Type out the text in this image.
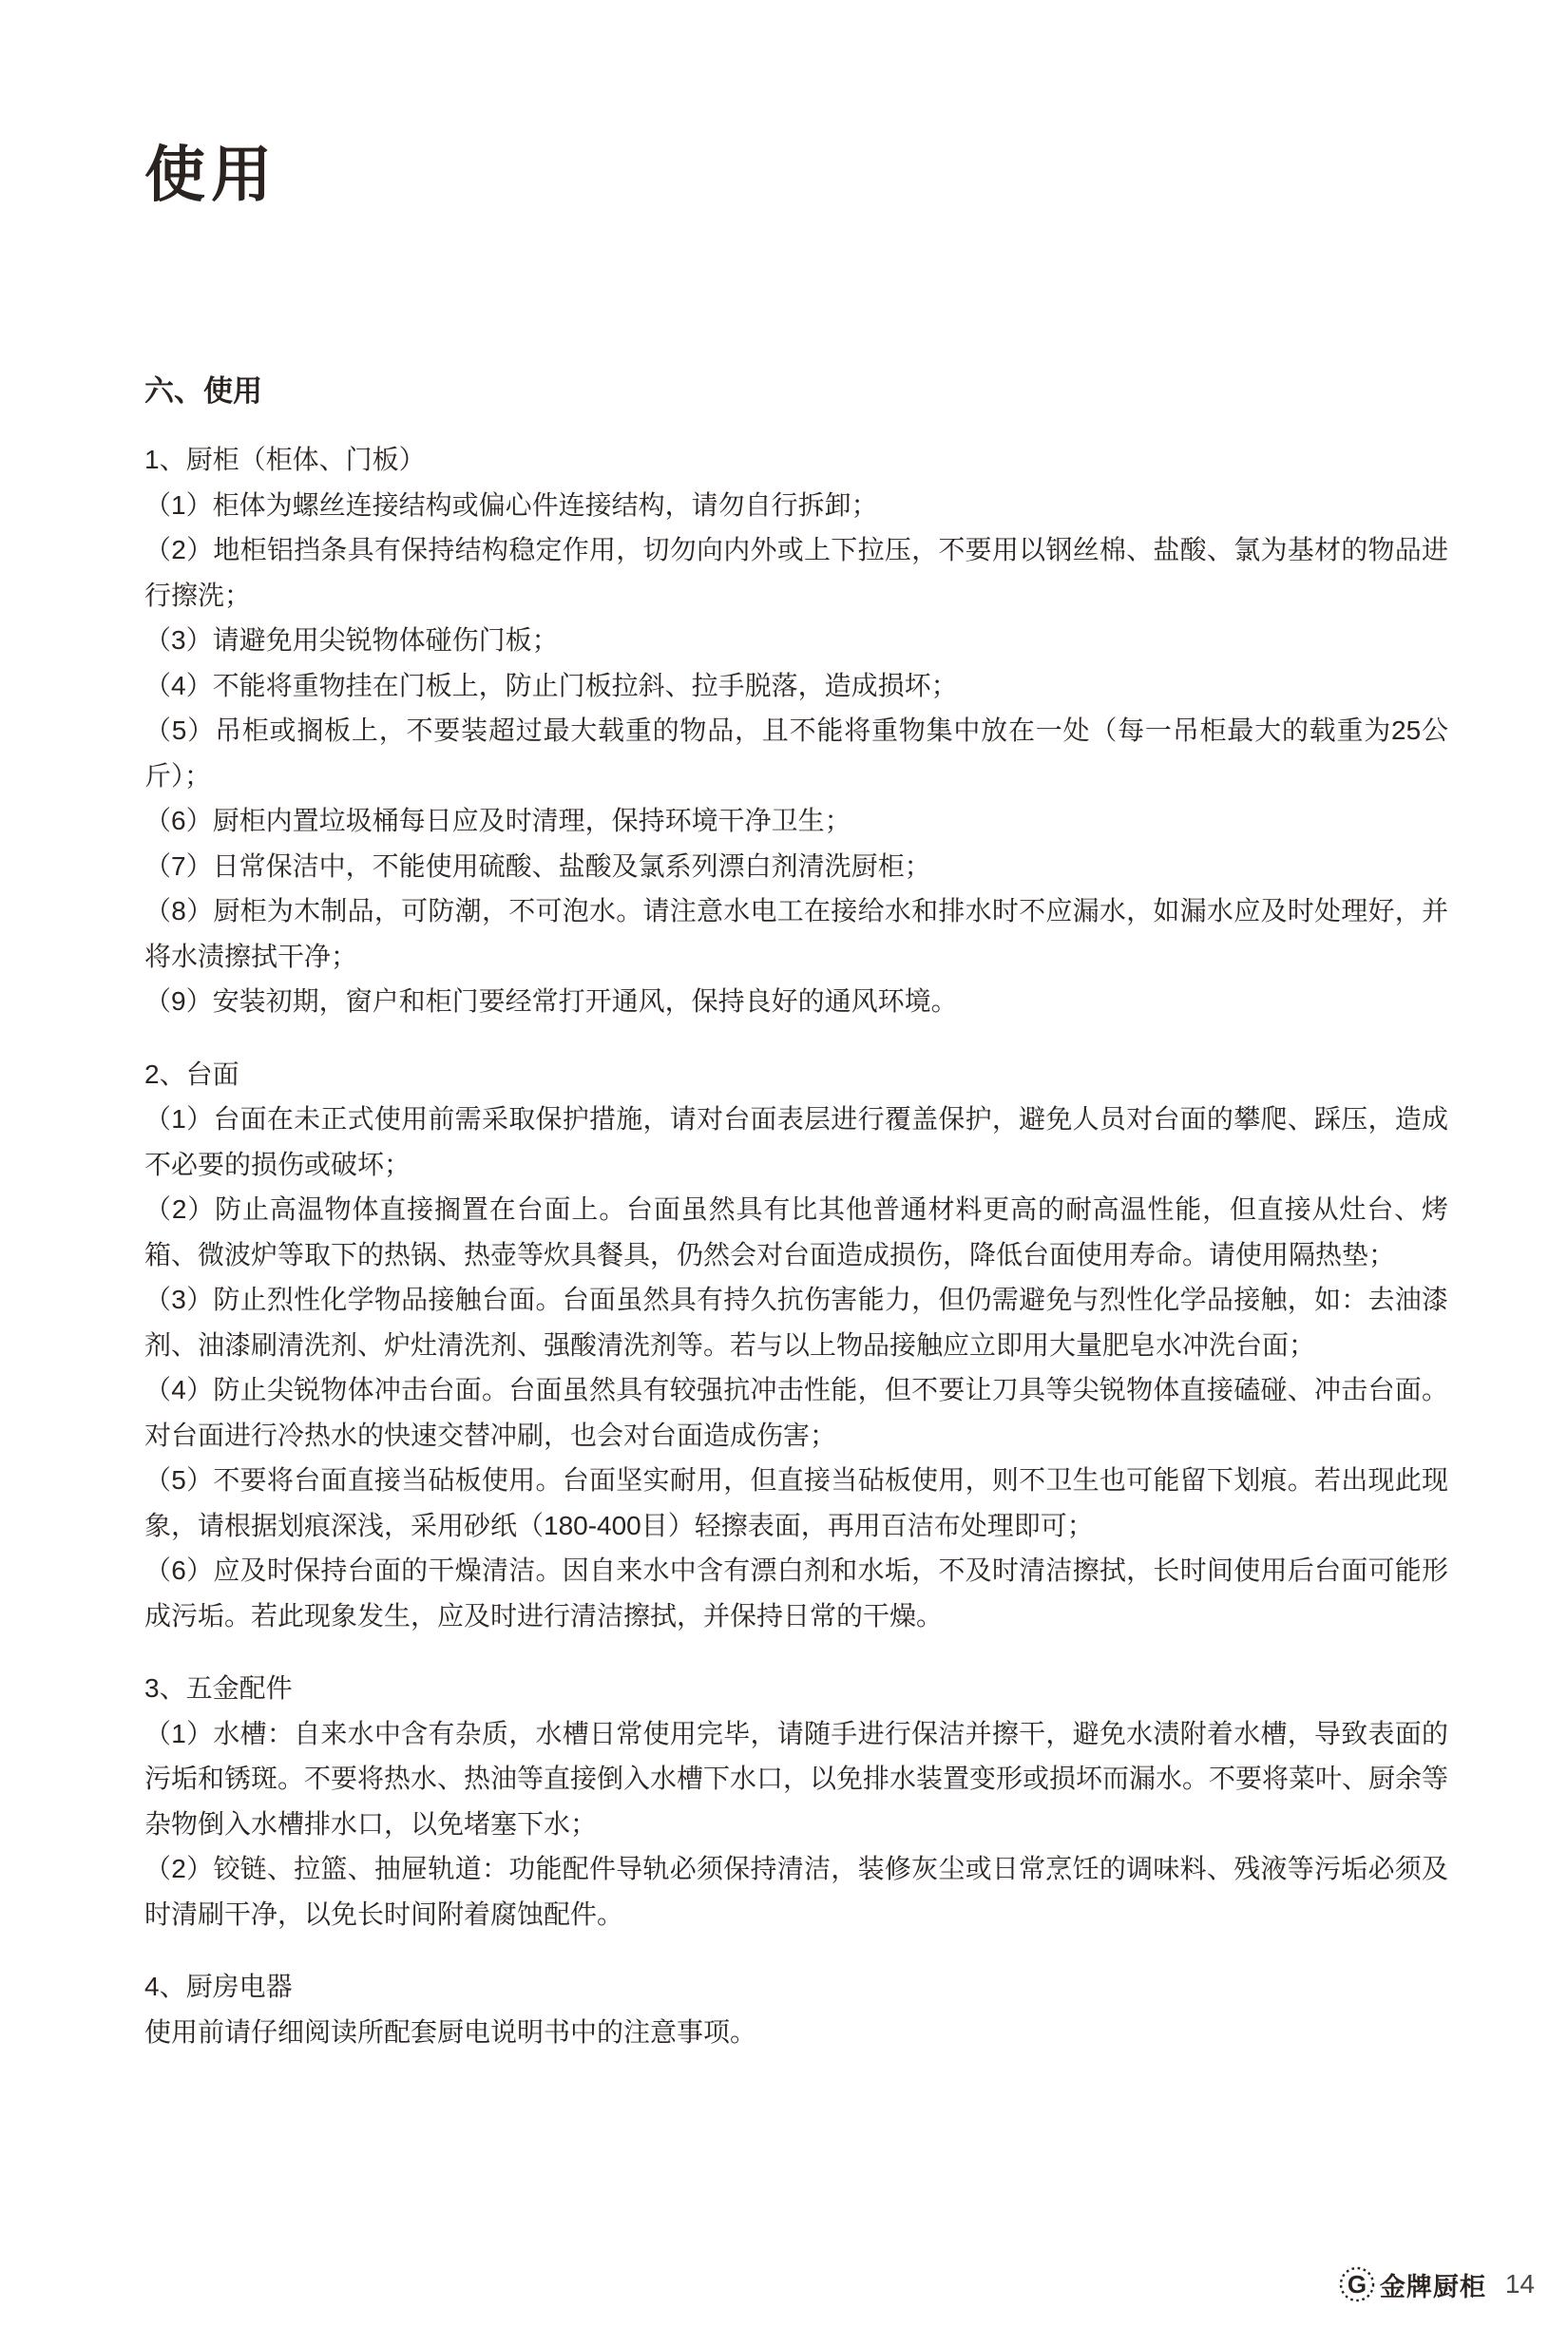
使用
六、使用

1、厨柜（柜体、门板）

（1）柜体为螺丝连接结构或偏心件连接结构，请勿自行拆卸；

（2）地柜铝挡条具有保持结构稳定作用，切勿向内外或上下拉压，不要用以钢丝棉、盐酸、氯为基材的物品进行擦洗；

（3）请避免用尖锐物体碰伤门板；

（4）不能将重物挂在门板上，防止门板拉斜、拉手脱落，造成损坏；

（5）吊柜或搁板上，不要装超过最大载重的物品，且不能将重物集中放在一处（每一吊柜最大的载重为25公斤）；

（6）厨柜内置垃圾桶每日应及时清理，保持环境干净卫生；

（7）日常保洁中，不能使用硫酸、盐酸及氯系列漂白剂清洗厨柜；

（8）厨柜为木制品，可防潮，不可泡水。请注意水电工在接给水和排水时不应漏水，如漏水应及时处理好，并将水渍擦拭干净；

（9）安装初期，窗户和柜门要经常打开通风，保持良好的通风环境。

2、台面

（1）台面在未正式使用前需采取保护措施，请对台面表层进行覆盖保护，避免人员对台面的攀爬、踩压，造成不必要的损伤或破坏；

（2）防止高温物体直接搁置在台面上。台面虽然具有比其他普通材料更高的耐高温性能，但直接从灶台、烤箱、微波炉等取下的热锅、热壶等炊具餐具，仍然会对台面造成损伤，降低台面使用寿命。请使用隔热垫；

（3）防止烈性化学物品接触台面。台面虽然具有持久抗伤害能力，但仍需避免与烈性化学品接触，如：去油漆剂、油漆刷清洗剂、炉灶清洗剂、强酸清洗剂等。若与以上物品接触应立即用大量肥皂水冲洗台面；

（4）防止尖锐物体冲击台面。台面虽然具有较强抗冲击性能，但不要让刀具等尖锐物体直接磕碰、冲击台面。对台面进行冷热水的快速交替冲刷，也会对台面造成伤害；

（5）不要将台面直接当砧板使用。台面坚实耐用，但直接当砧板使用，则不卫生也可能留下划痕。若出现此现象，请根据划痕深浅，采用砂纸（180-400目）轻擦表面，再用百洁布处理即可；

（6）应及时保持台面的干燥清洁。因自来水中含有漂白剂和水垢，不及时清洁擦拭，长时间使用后台面可能形成污垢。若此现象发生，应及时进行清洁擦拭，并保持日常的干燥。

3、五金配件

（1）水槽：自来水中含有杂质，水槽日常使用完毕，请随手进行保洁并擦干，避免水渍附着水槽，导致表面的污垢和锈斑。不要将热水、热油等直接倒入水槽下水口，以免排水装置变形或损坏而漏水。不要将菜叶、厨余等杂物倒入水槽排水口，以免堵塞下水；

（2）铰链、拉篮、抽屉轨道：功能配件导轨必须保持清洁，装修灰尘或日常烹饪的调味料、残液等污垢必须及时清刷干净，以免长时间附着腐蚀配件。

4、厨房电器

使用前请仔细阅读所配套厨电说明书中的注意事项。

G 金牌厨柜 14
